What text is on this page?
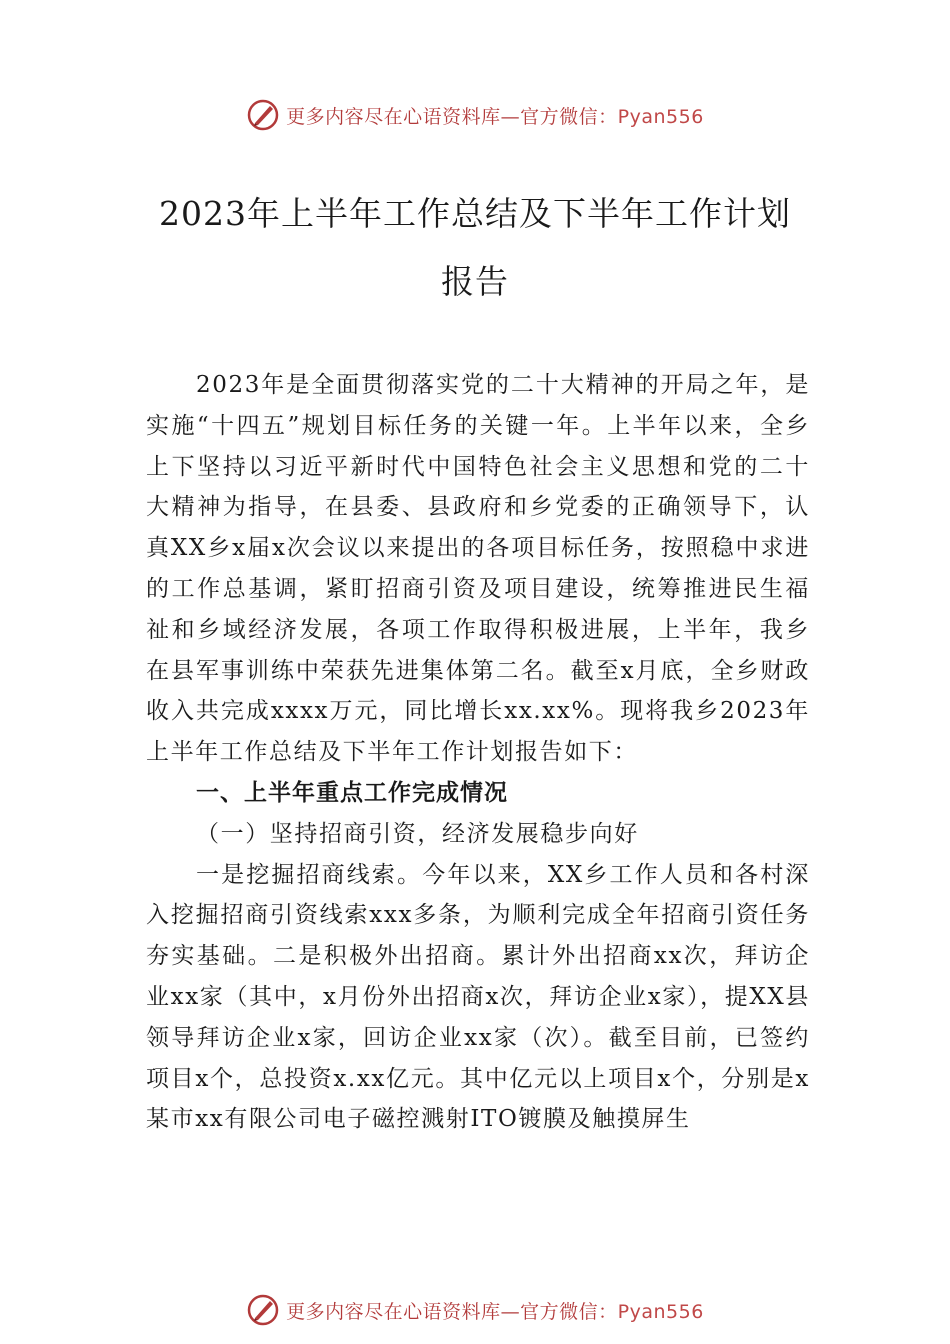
更多内容尽在心语资料库—官方微信：Pyan556
2023年上半年工作总结及下半年工作计划
报告

2023年是全面贯彻落实党的二十大精神的开局之年，是实施“十四五”规划目标任务的关键一年。上半年以来，全乡上下坚持以习近平新时代中国特色社会主义思想和党的二十大精神为指导，在县委、县政府和乡党委的正确领导下，认真XX乡x届x次会议以来提出的各项目标任务，按照稳中求进的工作总基调，紧盯招商引资及项目建设，统筹推进民生福祉和乡域经济发展，各项工作取得积极进展，上半年，我乡在县军事训练中荣获先进集体第二名。截至x月底，全乡财政收入共完成xxxx万元，同比增长xx.xx%。现将我乡2023年上半年工作总结及下半年工作计划报告如下：

一、上半年重点工作完成情况

（一）坚持招商引资，经济发展稳步向好

一是挖掘招商线索。今年以来，XX乡工作人员和各村深入挖掘招商引资线索xxx多条，为顺利完成全年招商引资任务夯实基础。二是积极外出招商。累计外出招商xx次，拜访企业xx家（其中，x月份外出招商x次，拜访企业x家），提XX县领导拜访企业x家，回访企业xx家（次）。截至目前，已签约项目x个，总投资x.xx亿元。其中亿元以上项目x个，分别是x某市xx有限公司电子磁控溅射ITO镀膜及触摸屏生

更多内容尽在心语资料库—官方微信：Pyan556
